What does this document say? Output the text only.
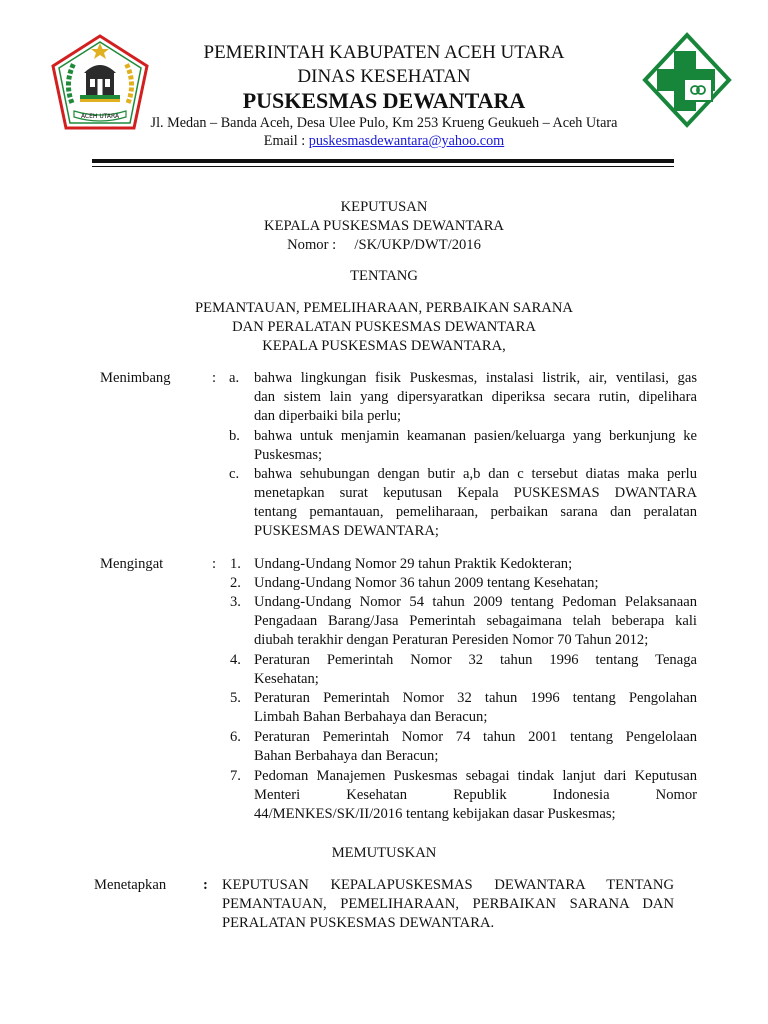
ACEH UTARA
PEMERINTAH KABUPATEN ACEH UTARA
DINAS KESEHATAN
PUSKESMAS DEWANTARA
Jl. Medan – Banda Aceh, Desa Ulee Pulo, Km 253 Krueng Geukueh – Aceh Utara
Email : puskesmasdewantara@yahoo.com
KEPUTUSAN
KEPALA PUSKESMAS DEWANTARA
Nomor :     /SK/UKP/DWT/2016
TENTANG
PEMANTAUAN, PEMELIHARAAN, PERBAIKAN SARANA
DAN PERALATAN PUSKESMAS DEWANTARA
KEPALA PUSKESMAS DEWANTARA,
Menimbang	: a. bahwa lingkungan fisik Puskesmas, instalasi listrik, air, ventilasi, gas
dan sistem lain yang dipersyaratkan diperiksa secara rutin, dipelihara
dan diperbaiki bila perlu;
b. bahwa untuk menjamin keamanan pasien/keluarga yang berkunjung ke
Puskesmas;
c. bahwa sehubungan dengan butir a,b dan c tersebut diatas maka perlu
menetapkan surat keputusan Kepala PUSKESMAS DWANTARA
tentang pemantauan, pemeliharaan, perbaikan sarana dan peralatan
PUSKESMAS DEWANTARA;
Mengingat	: 1. Undang-Undang Nomor 29 tahun Praktik Kedokteran;
2. Undang-Undang Nomor 36 tahun 2009 tentang Kesehatan;
3. Undang-Undang Nomor 54 tahun 2009 tentang Pedoman Pelaksanaan
Pengadaan Barang/Jasa Pemerintah sebagaimana telah beberapa kali
diubah terakhir dengan Peraturan Peresiden Nomor 70 Tahun 2012;
4. Peraturan Pemerintah Nomor 32 tahun 1996 tentang Tenaga
Kesehatan;
5. Peraturan Pemerintah Nomor 32 tahun 1996 tentang Pengolahan
Limbah Bahan Berbahaya dan Beracun;
6. Peraturan Pemerintah Nomor 74 tahun 2001 tentang Pengelolaan
Bahan Berbahaya dan Beracun;
7. Pedoman Manajemen Puskesmas sebagai tindak lanjut dari Keputusan
Menteri Kesehatan Republik Indonesia Nomor
44/MENKES/SK/II/2016 tentang kebijakan dasar Puskesmas;
MEMUTUSKAN
Menetapkan	: KEPUTUSAN KEPALAPUSKESMAS DEWANTARA TENTANG
PEMANTAUAN, PEMELIHARAAN, PERBAIKAN SARANA DAN
PERALATAN PUSKESMAS DEWANTARA.
